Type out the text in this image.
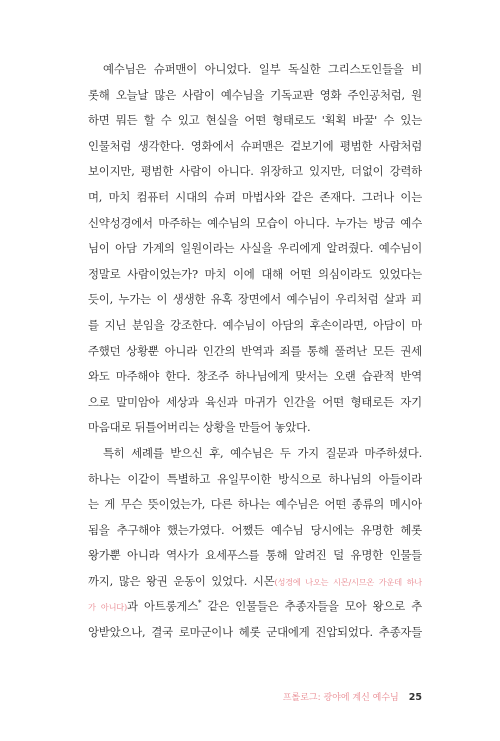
예수님은 슈퍼맨이 아니었다. 일부 독실한 그리스도인들을 비
롯해 오늘날 많은 사람이 예수님을 기독교판 영화 주인공처럼, 원
하면 뭐든 할 수 있고 현실을 어떤 형태로도 '획획 바꿀' 수 있는
인물처럼 생각한다. 영화에서 슈퍼맨은 겉보기에 평범한 사람처럼
보이지만, 평범한 사람이 아니다. 위장하고 있지만, 더없이 강력하
며, 마치 컴퓨터 시대의 슈퍼 마법사와 같은 존재다. 그러나 이는
신약성경에서 마주하는 예수님의 모습이 아니다. 누가는 방금 예수
님이 아담 가계의 일원이라는 사실을 우리에게 알려줬다. 예수님이
정말로 사람이었는가? 마치 이에 대해 어떤 의심이라도 있었다는
듯이, 누가는 이 생생한 유혹 장면에서 예수님이 우리처럼 살과 피
를 지닌 분임을 강조한다. 예수님이 아담의 후손이라면, 아담이 마
주했던 상황뿐 아니라 인간의 반역과 죄를 통해 풀려난 모든 권세
와도 마주해야 한다. 창조주 하나님에게 맞서는 오랜 습관적 반역
으로 말미암아 세상과 육신과 마귀가 인간을 어떤 형태로든 자기
마음대로 뒤틀어버리는 상황을 만들어 놓았다.
특히 세례를 받으신 후, 예수님은 두 가지 질문과 마주하셨다.
하나는 이같이 특별하고 유일무이한 방식으로 하나님의 아들이라
는 게 무슨 뜻이었는가, 다른 하나는 예수님은 어떤 종류의 메시아
됨을 추구해야 했는가였다. 어쨌든 예수님 당시에는 유명한 헤롯
왕가뿐 아니라 역사가 요세푸스를 통해 알려진 덜 유명한 인물들
까지, 많은 왕권 운동이 있었다. 시몬(성경에 나오는 시몬/시므온 가운데 하나
가 아니다)과 아트롱게스* 같은 인물들은 추종자들을 모아 왕으로 추
앙받았으나, 결국 로마군이나 헤롯 군대에게 진압되었다. 추종자들
프롤로그: 광야에 계신 예수님 25
